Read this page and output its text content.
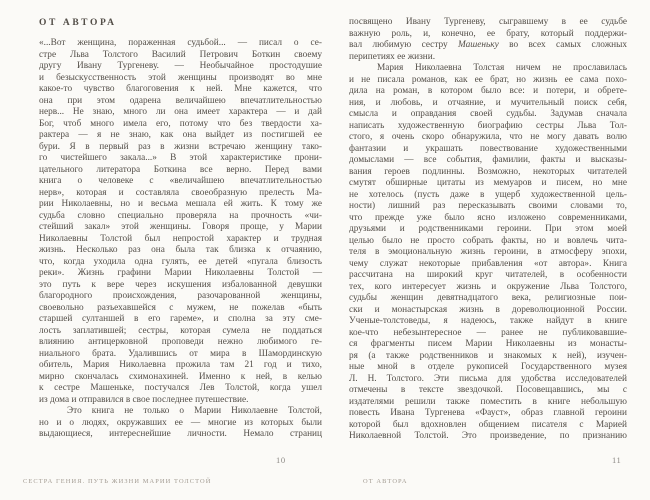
ОТ АВТОРА
«...Вот женщина, пораженная судьбой... — писал о се-
стре Льва Толстого Василий Петрович Боткин своему
другу Ивану Тургеневу. — Необычайное простодушие
и безыскусственность этой женщины производят во мне
какое-то чувство благоговения к ней. Мне кажется, что
она при этом одарена величайшею впечатлительностью
нерв... Не знаю, много ли она имеет характера — и дай
Бог, чтоб много имела его, потому что без твердости ха-
рактера — я не знаю, как она выйдет из постигшей ее
бури. Я в первый раз в жизни встречаю женщину тако-
го чистейшего закала...» В этой характеристике прони-
цательного литератора Боткина все верно. Перед вами
книга о человеке с «величайшею впечатлительностью
нерв», которая и составляла своеобразную прелесть Ма-
рии Николаевны, но и весьма мешала ей жить. К тому же
судьба словно специально проверяла на прочность «чи-
стейший закал» этой женщины. Говоря проще, у Марии
Николаевны Толстой был непростой характер и трудная
жизнь. Несколько раз она была так близка к отчаянию,
что, когда уходила одна гулять, ее детей «пугала близость
реки». Жизнь графини Марии Николаевны Толстой —
это путь к вере через искушения избалованной девушки
благородного происхождения, разочарованной женщины,
своевольно разъехавшейся с мужем, не пожелав «быть
старшей султаншей в его гареме», и сполна за эту сме-
лость заплатившей; сестры, которая сумела не поддаться
влиянию антицерковной проповеди нежно любимого ге-
ниального брата. Удалившись от мира в Шамординскую
обитель, Мария Николаевна прожила там 21 год и тихо,
мирно скончалась схимонахиней. Именно к ней, в келью
к сестре Машеньке, постучался Лев Толстой, когда ушел
из дома и отправился в свое последнее путешествие.
Это книга не только о Марии Николаевне Толстой,
но и о людях, окружавших ее — многие из которых были
выдающиеся, интереснейшие личности. Немало страниц
посвящено Ивану Тургеневу, сыгравшему в ее судьбе
важную роль, и, конечно, ее брату, который поддержи-
вал любимую сестру Машеньку во всех самых сложных
перипетиях ее жизни.
Мария Николаевна Толстая ничем не прославилась
и не писала романов, как ее брат, но жизнь ее сама похо-
дила на роман, в котором было все: и потери, и обрете-
ния, и любовь, и отчаяние, и мучительный поиск себя,
смысла и оправдания своей судьбы. Задумав сначала
написать художественную биографию сестры Льва Тол-
стого, я очень скоро обнаружила, что не могу давать волю
фантазии и украшать повествование художественными
домыслами — все события, фамилии, факты и высказы-
вания героев подлинны. Возможно, некоторых читателей
смутят обширные цитаты из мемуаров и писем, но мне
не хотелось (пусть даже в ущерб художественной цель-
ности) лишний раз пересказывать своими словами то,
что прежде уже было ясно изложено современниками,
друзьями и родственниками героини. При этом моей
целью было не просто собрать факты, но и вовлечь чита-
теля в эмоциональную жизнь героини, в атмосферу эпохи,
чему служат некоторые прибавления «от автора». Книга
рассчитана на широкий круг читателей, в особенности
тех, кого интересует жизнь и окружение Льва Толстого,
судьбы женщин девятнадцатого века, религиозные пои-
ски и монастырская жизнь в дореволюционной России.
Ученые-толстоведы, я надеюсь, также найдут в книге
кое-что небезынтересное — ранее не публиковавшие-
ся фрагменты писем Марии Николаевны из монасты-
ря (а также родственников и знакомых к ней), изучен-
ные мной в отделе рукописей Государственного музея
Л. Н. Толстого. Эти письма для удобства исследователей
отмечены в тексте звездочкой. Посовещавшись, мы с
издателями решили также поместить в книге небольшую
повесть Ивана Тургенева «Фауст», образ главной героини
которой был вдохновлен общением писателя с Марией
Николаевной Толстой. Это произведение, по признанию
10	11
СЕСТРА ГЕНИЯ. ПУТЬ ЖИЗНИ МАРИИ ТОЛСТОЙ	ОТ АВТОРА
